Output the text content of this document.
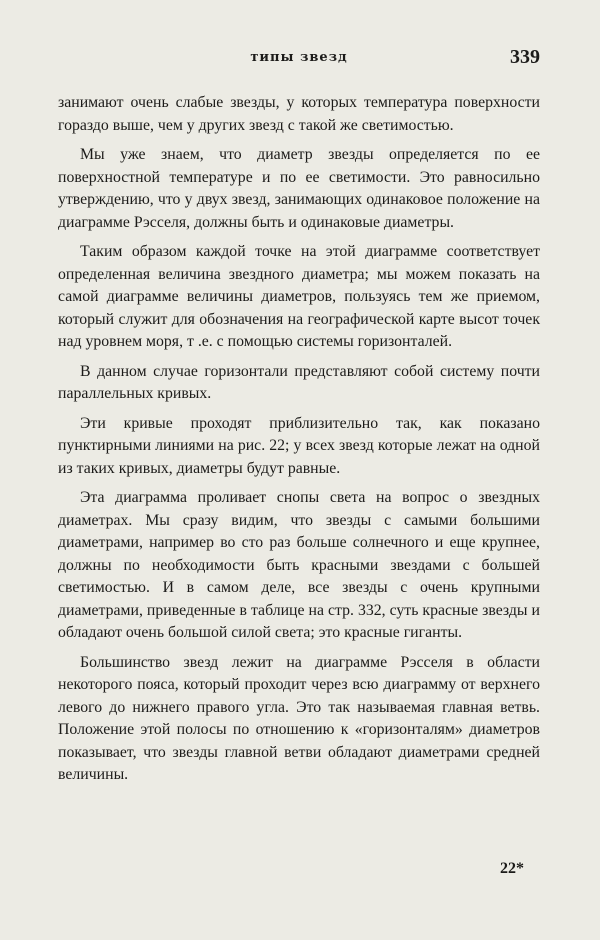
типы звезд	339

занимают очень слабые звезды, у которых температура поверхности гораздо выше, чем у других звезд с такой же светимостью.

Мы уже знаем, что диаметр звезды определяется по ее поверхностной температуре и по ее светимости. Это равносильно утверждению, что у двух звезд, занимающих одинаковое положение на диаграмме Рэсселя, должны быть и одинаковые диаметры.

Таким образом каждой точке на этой диаграмме соответствует определенная величина звездного диаметра; мы можем показать на самой диаграмме величины диаметров, пользуясь тем же приемом, который служит для обозначения на географической карте высот точек над уровнем моря, т .е. с помощью системы горизонталей.

В данном случае горизонтали представляют собой систему почти параллельных кривых.

Эти кривые проходят приблизительно так, как показано пунктирными линиями на рис. 22; у всех звезд которые лежат на одной из таких кривых, диаметры будут равные.

Эта диаграмма проливает снопы света на вопрос о звездных диаметрах. Мы сразу видим, что звезды с самыми большими диаметрами, например во сто раз больше солнечного и еще крупнее, должны по необходимости быть красными звездами с большей светимостью. И в самом деле, все звезды с очень крупными диаметрами, приведенные в таблице на стр. 332, суть красные звезды и обладают очень большой силой света; это красные гиганты.

Большинство звезд лежит на диаграмме Рэсселя в области некоторого пояса, который проходит через всю диаграмму от верхнего левого до нижнего правого угла. Это так называемая главная ветвь. Положение этой полосы по отношению к «горизонталям» диаметров показывает, что звезды главной ветви обладают диаметрами средней величины.

22*
